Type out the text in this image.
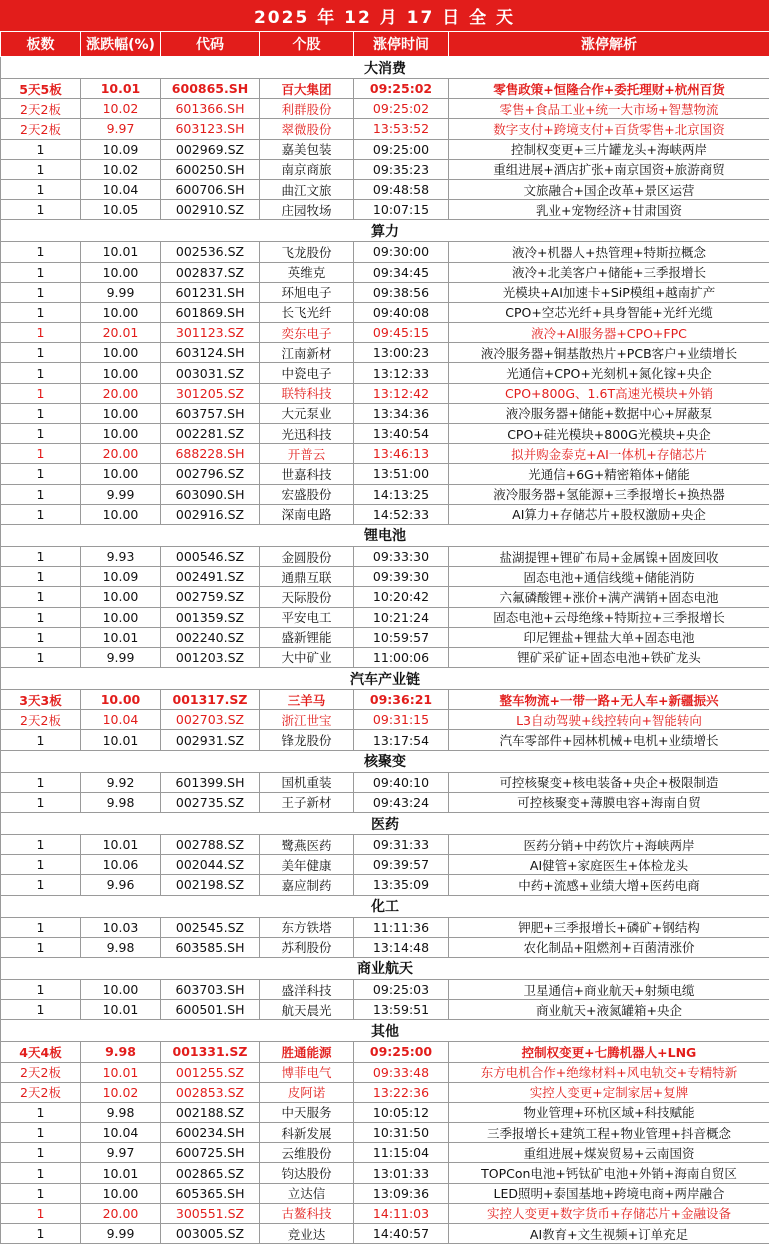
2025 年 12 月 17 日 全 天
板数	涨跌幅(%)	代码	个股	涨停时间	涨停解析
大消费					
5天5板	10.01	600865.SH	百大集团	09:25:02	零售政策+恒隆合作+委托理财+杭州百货
2天2板	10.02	601366.SH	利群股份	09:25:02	零售+食品工业+统一大市场+智慧物流
2天2板	9.97	603123.SH	翠微股份	13:53:52	数字支付+跨境支付+百货零售+北京国资
1	10.09	002969.SZ	嘉美包装	09:25:00	控制权变更+三片罐龙头+海峡两岸
1	10.02	600250.SH	南京商旅	09:35:23	重组进展+酒店扩张+南京国资+旅游商贸
1	10.04	600706.SH	曲江文旅	09:48:58	文旅融合+国企改革+景区运营
1	10.05	002910.SZ	庄园牧场	10:07:15	乳业+宠物经济+甘肃国资
算力					
1	10.01	002536.SZ	飞龙股份	09:30:00	液冷+机器人+热管理+特斯拉概念
1	10.00	002837.SZ	英维克	09:34:45	液冷+北美客户+储能+三季报增长
1	9.99	601231.SH	环旭电子	09:38:56	光模块+AI加速卡+SiP模组+越南扩产
1	10.00	601869.SH	长飞光纤	09:40:08	CPO+空芯光纤+具身智能+光纤光缆
1	20.01	301123.SZ	奕东电子	09:45:15	液冷+AI服务器+CPO+FPC
1	10.00	603124.SH	江南新材	13:00:23	液冷服务器+铜基散热片+PCB客户+业绩增长
1	10.00	003031.SZ	中瓷电子	13:12:33	光通信+CPO+光刻机+氮化镓+央企
1	20.00	301205.SZ	联特科技	13:12:42	CPO+800G、1.6T高速光模块+外销
1	10.00	603757.SH	大元泵业	13:34:36	液冷服务器+储能+数据中心+屏蔽泵
1	10.00	002281.SZ	光迅科技	13:40:54	CPO+硅光模块+800G光模块+央企
1	20.00	688228.SH	开普云	13:46:13	拟并购金泰克+AI一体机+存储芯片
1	10.00	002796.SZ	世嘉科技	13:51:00	光通信+6G+精密箱体+储能
1	9.99	603090.SH	宏盛股份	14:13:25	液冷服务器+氢能源+三季报增长+换热器
1	10.00	002916.SZ	深南电路	14:52:33	AI算力+存储芯片+股权激励+央企
锂电池					
1	9.93	000546.SZ	金圆股份	09:33:30	盐湖提锂+锂矿布局+金属镍+固废回收
1	10.09	002491.SZ	通鼎互联	09:39:30	固态电池+通信线缆+储能消防
1	10.00	002759.SZ	天际股份	10:20:42	六氟磷酸锂+涨价+满产满销+固态电池
1	10.00	001359.SZ	平安电工	10:21:24	固态电池+云母绝缘+特斯拉+三季报增长
1	10.01	002240.SZ	盛新锂能	10:59:57	印尼锂盐+锂盐大单+固态电池
1	9.99	001203.SZ	大中矿业	11:00:06	锂矿采矿证+固态电池+铁矿龙头
汽车产业链					
3天3板	10.00	001317.SZ	三羊马	09:36:21	整车物流+一带一路+无人车+新疆振兴
2天2板	10.04	002703.SZ	浙江世宝	09:31:15	L3自动驾驶+线控转向+智能转向
1	10.01	002931.SZ	锋龙股份	13:17:54	汽车零部件+园林机械+电机+业绩增长
核聚变					
1	9.92	601399.SH	国机重装	09:40:10	可控核聚变+核电装备+央企+极限制造
1	9.98	002735.SZ	王子新材	09:43:24	可控核聚变+薄膜电容+海南自贸
医药					
1	10.01	002788.SZ	鹭燕医药	09:31:33	医药分销+中药饮片+海峡两岸
1	10.06	002044.SZ	美年健康	09:39:57	AI健管+家庭医生+体检龙头
1	9.96	002198.SZ	嘉应制药	13:35:09	中药+流感+业绩大增+医药电商
化工					
1	10.03	002545.SZ	东方铁塔	11:11:36	钾肥+三季报增长+磷矿+钢结构
1	9.98	603585.SH	苏利股份	13:14:48	农化制品+阻燃剂+百菌清涨价
商业航天					
1	10.00	603703.SH	盛洋科技	09:25:03	卫星通信+商业航天+射频电缆
1	10.01	600501.SH	航天晨光	13:59:51	商业航天+液氮罐箱+央企
其他					
4天4板	9.98	001331.SZ	胜通能源	09:25:00	控制权变更+七腾机器人+LNG
2天2板	10.01	001255.SZ	博菲电气	09:33:48	东方电机合作+绝缘材料+风电轨交+专精特新
2天2板	10.02	002853.SZ	皮阿诺	13:22:36	实控人变更+定制家居+复牌
1	9.98	002188.SZ	中天服务	10:05:12	物业管理+环杭区域+科技赋能
1	10.04	600234.SH	科新发展	10:31:50	三季报增长+建筑工程+物业管理+抖音概念
1	9.97	600725.SH	云维股份	11:15:04	重组进展+煤炭贸易+云南国资
1	10.01	002865.SZ	钧达股份	13:01:33	TOPCon电池+钙钛矿电池+外销+海南自贸区
1	10.00	605365.SH	立达信	13:09:36	LED照明+泰国基地+跨境电商+两岸融合
1	20.00	300551.SZ	古鳌科技	14:11:03	实控人变更+数字货币+存储芯片+金融设备
1	9.99	003005.SZ	竞业达	14:40:57	AI教育+文生视频+订单充足
